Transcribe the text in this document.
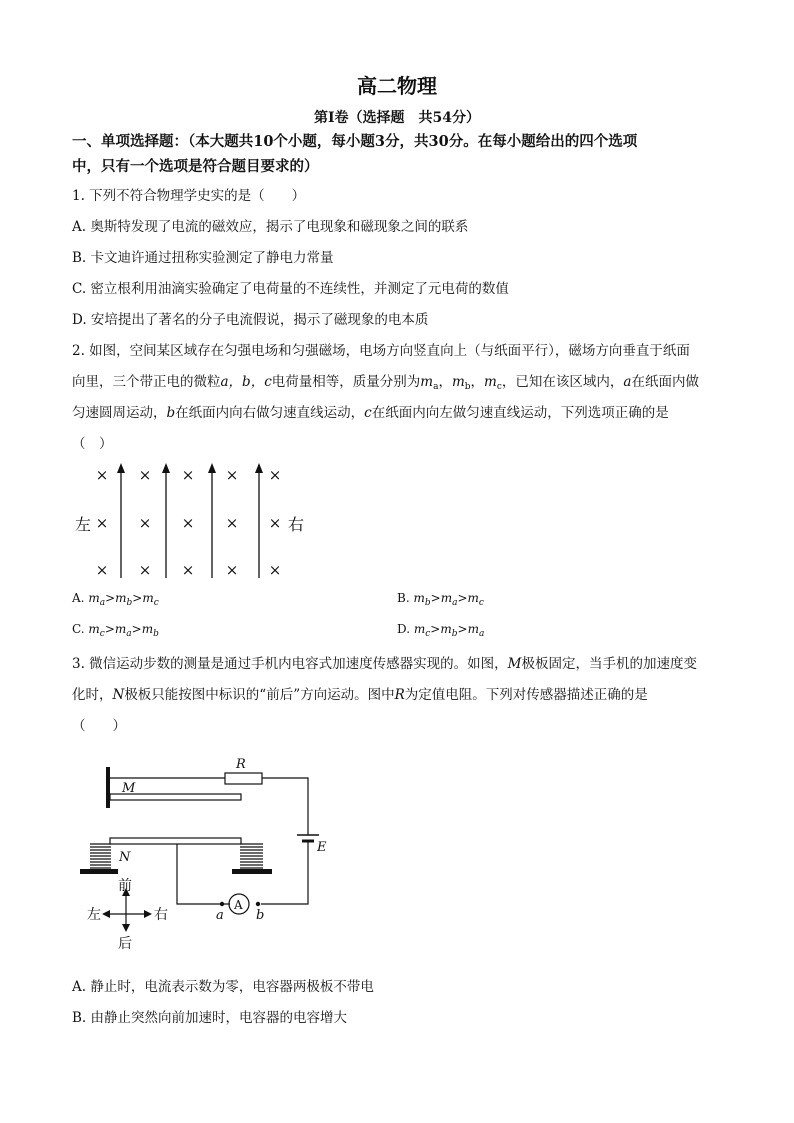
高二物理
第Ⅰ卷（选择题　共54分）
一、单项选择题：（本大题共10个小题，每小题3分，共30分。在每小题给出的四个选项
中，只有一个选项是符合题目要求的）
1. 下列不符合物理学史实的是（　　）
A. 奥斯特发现了电流的磁效应，揭示了电现象和磁现象之间的联系
B. 卡文迪许通过扭称实验测定了静电力常量
C. 密立根利用油滴实验确定了电荷量的不连续性，并测定了元电荷的数值
D. 安培提出了著名的分子电流假说，揭示了磁现象的电本质
2. 如图，空间某区域存在匀强电场和匀强磁场，电场方向竖直向上（与纸面平行），磁场方向垂直于纸面
向里，三个带正电的微粒a，b，c电荷量相等，质量分别为$m_a$，$m_b$，$m_c$，已知在该区域内，a在纸面内做
匀速圆周运动，b在纸面内向右做匀速直线运动，c在纸面内向左做匀速直线运动，下列选项正确的是
（　）
× × × × ×
× × × × ×
× × × × ×
左	右
A. $m_a>m_b>m_c$	B. $m_b>m_a>m_c$
C. $m_c>m_a>m_b$	D. $m_c>m_b>m_a$
3. 微信运动步数的测量是通过手机内电容式加速度传感器实现的。如图，M极板固定，当手机的加速度变
化时，N极板只能按图中标识的“前后”方向运动。图中R为定值电阻。下列对传感器描述正确的是
（　　）
R
M
N
E
A
a b
前
后
左	右
A. 静止时，电流表示数为零，电容器两极板不带电
B. 由静止突然向前加速时，电容器的电容增大
